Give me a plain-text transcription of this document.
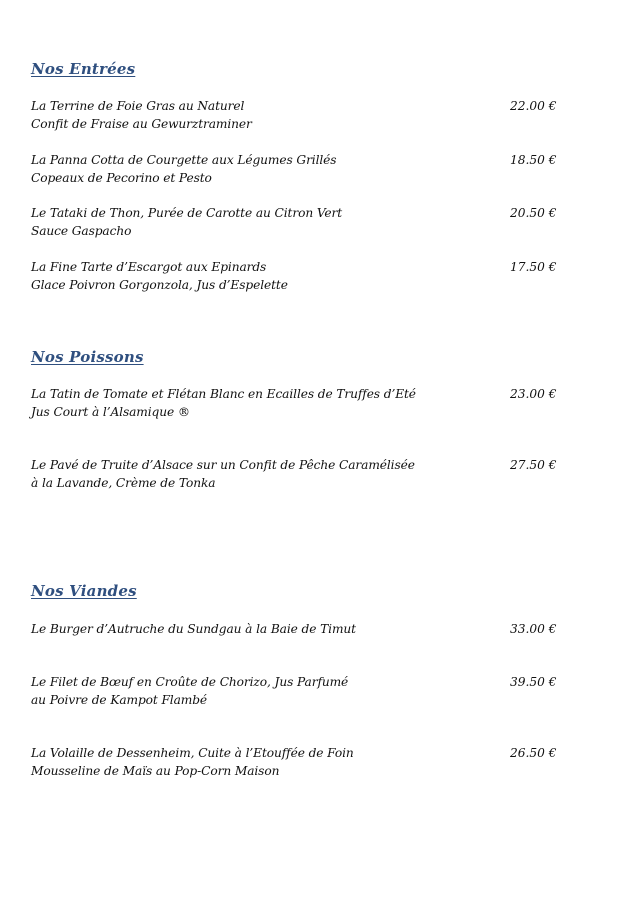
Nos Entrées
La Terrine de Foie Gras au Naturel
Confit de Fraise au Gewurztraminer
22.00 €
La Panna Cotta de Courgette aux Légumes Grillés
Copeaux de Pecorino et Pesto
18.50 €
Le Tataki de Thon, Purée de Carotte au Citron Vert
Sauce Gaspacho
20.50 €
La Fine Tarte d’Escargot aux Epinards
Glace Poivron Gorgonzola, Jus d’Espelette
17.50 €
Nos Poissons
La Tatin de Tomate et Flétan Blanc en Ecailles de Truffes d’Eté
Jus Court à l’Alsamique ®
23.00 €
Le Pavé de Truite d’Alsace sur un Confit de Pêche Caramélisée
à la Lavande, Crème de Tonka
27.50 €
Nos Viandes
Le Burger d’Autruche du Sundgau à la Baie de Timut	33.00 €
Le Filet de Bœuf en Croûte de Chorizo, Jus Parfumé
au Poivre de Kampot Flambé
39.50 €
La Volaille de Dessenheim, Cuite à l’Etouffée de Foin
Mousseline de Maïs au Pop-Corn Maison
26.50 €
